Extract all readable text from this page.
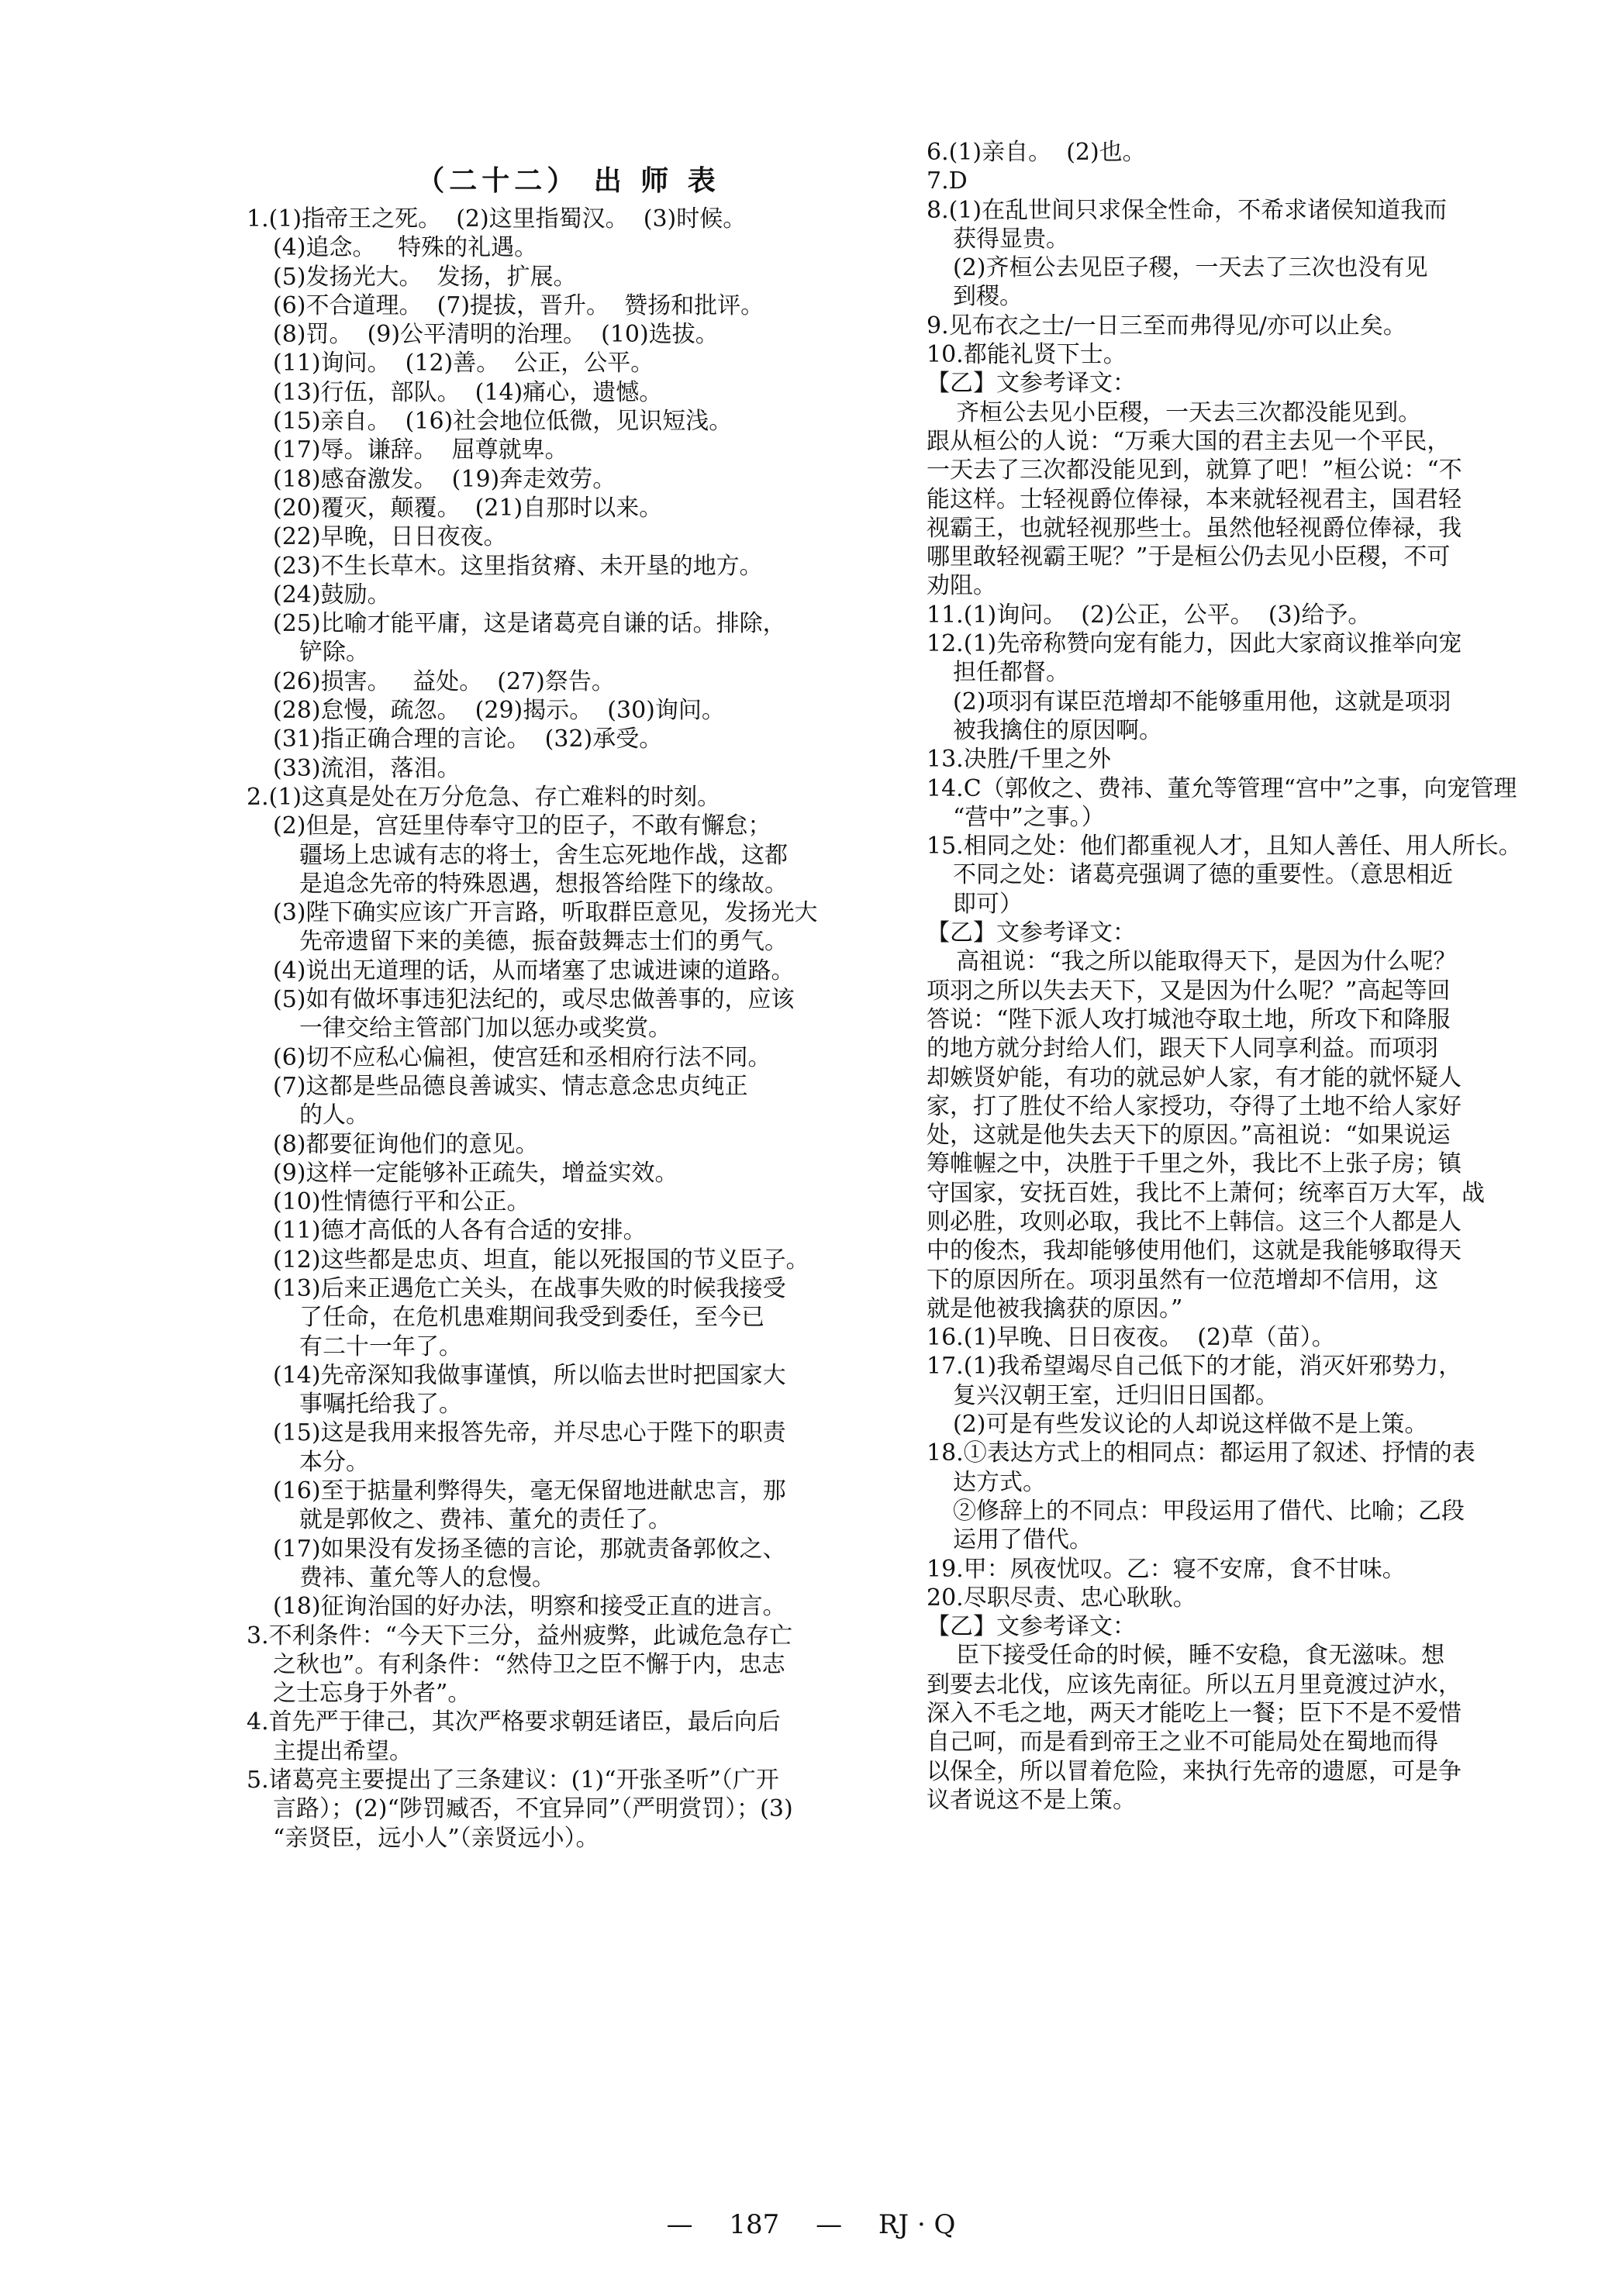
（二十二） 出 师 表

1.(1)指帝王之死。  (2)这里指蜀汉。  (3)时候。

(4)追念。   特殊的礼遇。

(5)发扬光大。  发扬，扩展。

(6)不合道理。  (7)提拔，晋升。  赞扬和批评。

(8)罚。  (9)公平清明的治理。  (10)选拔。

(11)询问。  (12)善。  公正，公平。

(13)行伍，部队。  (14)痛心，遗憾。

(15)亲自。  (16)社会地位低微，见识短浅。

(17)辱。谦辞。  屈尊就卑。

(18)感奋激发。  (19)奔走效劳。

(20)覆灭，颠覆。  (21)自那时以来。

(22)早晚，日日夜夜。

(23)不生长草木。这里指贫瘠、未开垦的地方。

(24)鼓励。

(25)比喻才能平庸，这是诸葛亮自谦的话。排除，

铲除。

(26)损害。   益处。  (27)祭告。

(28)怠慢，疏忽。  (29)揭示。  (30)询问。

(31)指正确合理的言论。  (32)承受。

(33)流泪，落泪。

2.(1)这真是处在万分危急、存亡难料的时刻。

(2)但是，宫廷里侍奉守卫的臣子，不敢有懈怠；

疆场上忠诚有志的将士，舍生忘死地作战，这都

是追念先帝的特殊恩遇，想报答给陛下的缘故。

(3)陛下确实应该广开言路，听取群臣意见，发扬光大

先帝遗留下来的美德，振奋鼓舞志士们的勇气。

(4)说出无道理的话，从而堵塞了忠诚进谏的道路。

(5)如有做坏事违犯法纪的，或尽忠做善事的，应该

一律交给主管部门加以惩办或奖赏。

(6)切不应私心偏袒，使宫廷和丞相府行法不同。

(7)这都是些品德良善诚实、情志意念忠贞纯正

的人。

(8)都要征询他们的意见。

(9)这样一定能够补正疏失，增益实效。

(10)性情德行平和公正。

(11)德才高低的人各有合适的安排。

(12)这些都是忠贞、坦直，能以死报国的节义臣子。

(13)后来正遇危亡关头，在战事失败的时候我接受

了任命，在危机患难期间我受到委任，至今已

有二十一年了。

(14)先帝深知我做事谨慎，所以临去世时把国家大

事嘱托给我了。

(15)这是我用来报答先帝，并尽忠心于陛下的职责

本分。

(16)至于掂量利弊得失，毫无保留地进献忠言，那

就是郭攸之、费祎、董允的责任了。

(17)如果没有发扬圣德的言论，那就责备郭攸之、

费祎、董允等人的怠慢。

(18)征询治国的好办法，明察和接受正直的进言。

3.不利条件：“今天下三分，益州疲弊，此诚危急存亡

之秋也”。有利条件：“然侍卫之臣不懈于内，忠志

之士忘身于外者”。

4.首先严于律己，其次严格要求朝廷诸臣，最后向后

主提出希望。

5.诸葛亮主要提出了三条建议：(1)“开张圣听”（广开

言路）；(2)“陟罚臧否，不宜异同”（严明赏罚）；(3)

“亲贤臣，远小人”（亲贤远小）。

6.(1)亲自。  (2)也。

7.D

8.(1)在乱世间只求保全性命，不希求诸侯知道我而

获得显贵。

(2)齐桓公去见臣子稷，一天去了三次也没有见

到稷。

9.见布衣之士/一日三至而弗得见/亦可以止矣。

10.都能礼贤下士。

【乙】文参考译文：

齐桓公去见小臣稷，一天去三次都没能见到。

跟从桓公的人说：“万乘大国的君主去见一个平民，

一天去了三次都没能见到，就算了吧！”桓公说：“不

能这样。士轻视爵位俸禄，本来就轻视君主，国君轻

视霸王，也就轻视那些士。虽然他轻视爵位俸禄，我

哪里敢轻视霸王呢？”于是桓公仍去见小臣稷，不可

劝阻。

11.(1)询问。  (2)公正，公平。  (3)给予。

12.(1)先帝称赞向宠有能力，因此大家商议推举向宠

担任都督。

(2)项羽有谋臣范增却不能够重用他，这就是项羽

被我擒住的原因啊。

13.决胜/千里之外

14.C（郭攸之、费祎、董允等管理“宫中”之事，向宠管理

“营中”之事。）

15.相同之处：他们都重视人才，且知人善任、用人所长。

不同之处：诸葛亮强调了德的重要性。（意思相近

即可）

【乙】文参考译文：

高祖说：“我之所以能取得天下，是因为什么呢？

项羽之所以失去天下，又是因为什么呢？”高起等回

答说：“陛下派人攻打城池夺取土地，所攻下和降服

的地方就分封给人们，跟天下人同享利益。而项羽

却嫉贤妒能，有功的就忌妒人家，有才能的就怀疑人

家，打了胜仗不给人家授功，夺得了土地不给人家好

处，这就是他失去天下的原因。”高祖说：“如果说运

筹帷幄之中，决胜于千里之外，我比不上张子房；镇

守国家，安抚百姓，我比不上萧何；统率百万大军，战

则必胜，攻则必取，我比不上韩信。这三个人都是人

中的俊杰，我却能够使用他们，这就是我能够取得天

下的原因所在。项羽虽然有一位范增却不信用，这

就是他被我擒获的原因。”

16.(1)早晚、日日夜夜。  (2)草（苗）。

17.(1)我希望竭尽自己低下的才能，消灭奸邪势力，

复兴汉朝王室，迁归旧日国都。

(2)可是有些发议论的人却说这样做不是上策。

18.①表达方式上的相同点：都运用了叙述、抒情的表

达方式。

②修辞上的不同点：甲段运用了借代、比喻；乙段

运用了借代。

19.甲：夙夜忧叹。乙：寝不安席，食不甘味。

20.尽职尽责、忠心耿耿。

【乙】文参考译文：

臣下接受任命的时候，睡不安稳，食无滋味。想

到要去北伐，应该先南征。所以五月里竟渡过泸水，

深入不毛之地，两天才能吃上一餐；臣下不是不爱惜

自己呵，而是看到帝王之业不可能局处在蜀地而得

以保全，所以冒着危险，来执行先帝的遗愿，可是争

议者说这不是上策。

— 187 — RJ · Q
